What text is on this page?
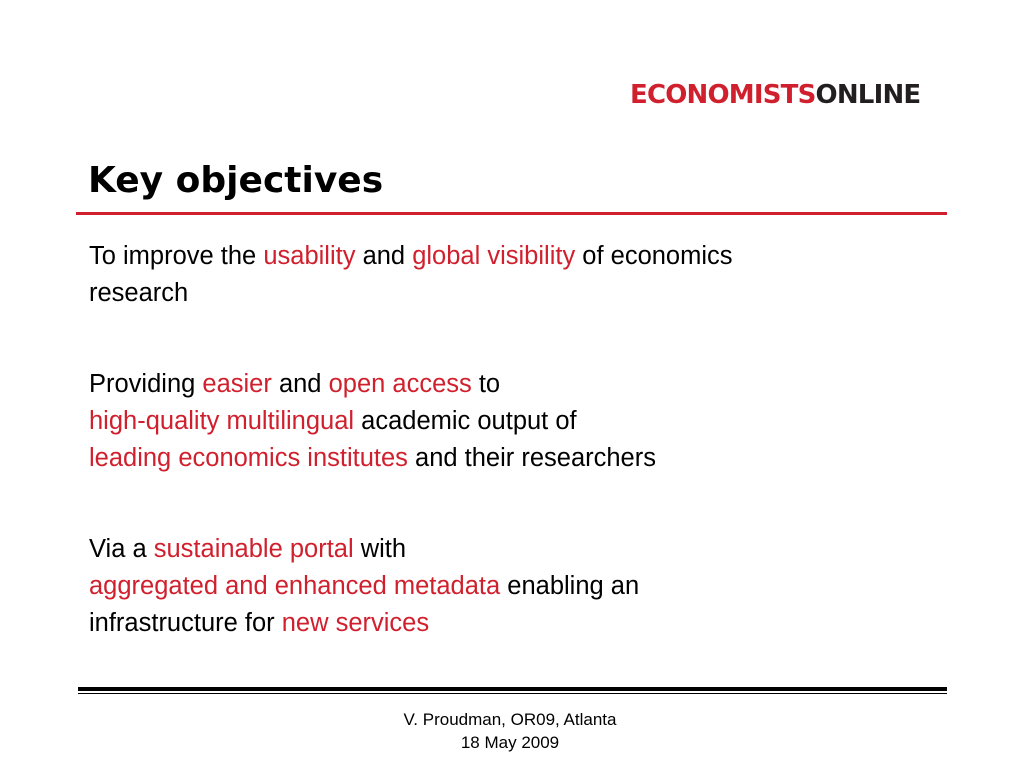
ECONOMISTSONLINE
Key objectives
To improve the usability and global visibility of economics
research
Providing easier and open access to
high-quality multilingual academic output of
leading economics institutes and their researchers
Via a sustainable portal with
aggregated and enhanced metadata enabling an
infrastructure for new services
V. Proudman, OR09, Atlanta
18 May 2009
